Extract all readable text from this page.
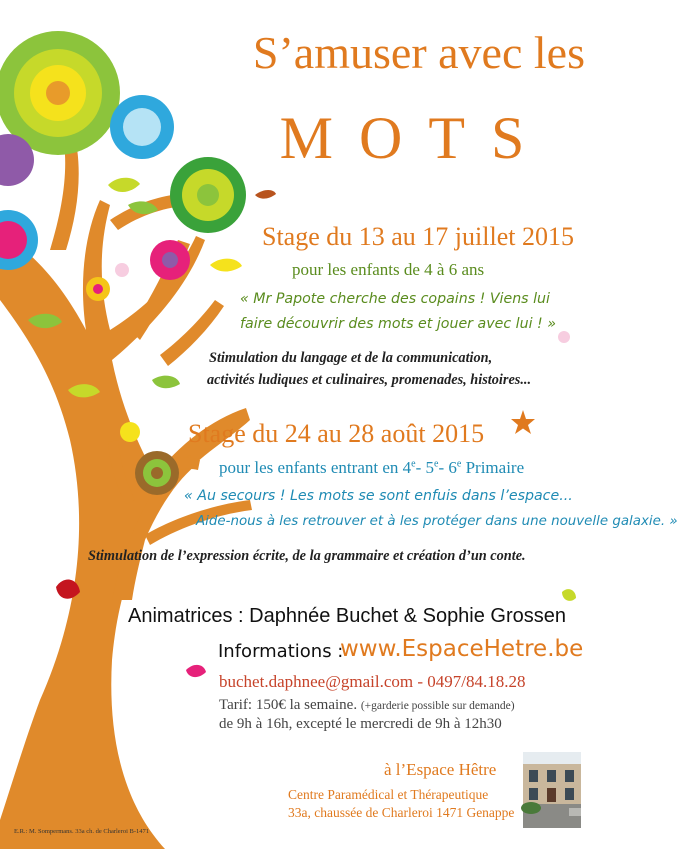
S’amuser avec les
MOTS
Stage du 13 au 17 juillet 2015
pour les enfants de 4 à 6 ans
« Mr Papote cherche des copains ! Viens lui
faire découvrir des mots et jouer avec lui ! »
Stimulation du langage et de la communication,
activités ludiques et culinaires, promenades, histoires...
Stage du 24 au 28 août 2015
pour les enfants entrant en 4e- 5e- 6e Primaire
« Au secours ! Les mots se sont enfuis dans l’espace...
Aide-nous à les retrouver et à les protéger dans une nouvelle galaxie. »
Stimulation de l’expression écrite, de la grammaire et création d’un conte.
Animatrices : Daphnée Buchet & Sophie Grossen
Informations :
www.EspaceHetre.be
buchet.daphnee@gmail.com - 0497/84.18.28
Tarif: 150€ la semaine. (+garderie possible sur demande)
de 9h à 16h, excepté le mercredi de 9h à 12h30
à l’Espace Hêtre
Centre Paramédical et Thérapeutique
33a, chaussée de Charleroi 1471 Genappe
E.R.: M. Sompermans. 33a ch. de Charleroi B-1471
